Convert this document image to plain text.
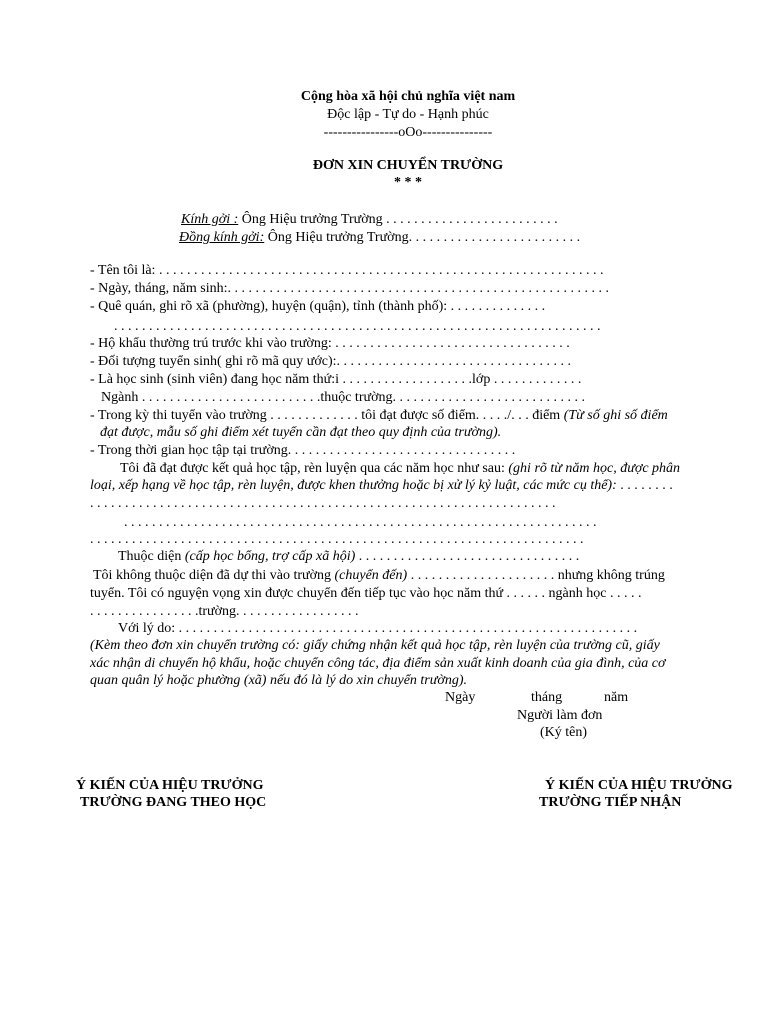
Cộng hòa xã hội chủ nghĩa việt nam
Độc lập - Tự do - Hạnh phúc
----------------oOo---------------
ĐƠN XIN CHUYỂN TRƯỜNG
* * *
Kính gởi : Ông Hiệu trưởng Trường . . . . . . . . . . . . . . . . . . . . . . . . .
Đồng kính gởi: Ông Hiệu trưởng Trường. . . . . . . . . . . . . . . . . . . . . . . . .
- Tên tôi là: . . . . . . . . . . . . . . . . . . . . . . . . . . . . . . . . . . . . . . . . . . . . . . . . . . . . . . . . . . . . . . . .
- Ngày, tháng, năm sinh:. . . . . . . . . . . . . . . . . . . . . . . . . . . . . . . . . . . . . . . . . . . . . . . . . . . . . . .
- Quê quán, ghi rõ xã (phường), huyện (quận), tỉnh (thành phố): . . . . . . . . . . . . . .
. . . . . . . . . . . . . . . . . . . . . . . . . . . . . . . . . . . . . . . . . . . . . . . . . . . . . . . . . . . . . . . . . . . . . .
- Hộ khẩu thường trú trước khi vào trường: . . . . . . . . . . . . . . . . . . . . . . . . . . . . . . . . . .
- Đối tượng tuyển sinh( ghi rõ mã quy ước):. . . . . . . . . . . . . . . . . . . . . . . . . . . . . . . . . .
- Là học sinh (sinh viên) đang học năm thứ:i . . . . . . . . . . . . . . . . . . .lớp . . . . . . . . . . . . .
Ngành . . . . . . . . . . . . . . . . . . . . . . . . . .thuộc trường. . . . . . . . . . . . . . . . . . . . . . . . . . . .
- Trong kỳ thi tuyển vào trường . . . . . . . . . . . . . tôi đạt được số điểm. . . . ./. . . điểm (Từ số ghi số điểm
đạt được, mẫu số ghi điểm xét tuyển cần đạt theo quy định của trường).
- Trong thời gian học tập tại trường. . . . . . . . . . . . . . . . . . . . . . . . . . . . . . . . .
Tôi đã đạt được kết quả học tập, rèn luyện qua các năm học như sau: (ghi rõ từ năm học, được phân
loại, xếp hạng về học tập, rèn luyện, được khen thưởng hoặc bị xử lý kỷ luật, các mức cụ thể): . . . . . . . .
. . . . . . . . . . . . . . . . . . . . . . . . . . . . . . . . . . . . . . . . . . . . . . . . . . . . . . . . . . . . . . . . . . .
. . . . . . . . . . . . . . . . . . . . . . . . . . . . . . . . . . . . . . . . . . . . . . . . . . . . . . . . . . . . . . . . . . . .
. . . . . . . . . . . . . . . . . . . . . . . . . . . . . . . . . . . . . . . . . . . . . . . . . . . . . . . . . . . . . . . . . . . . . . .
Thuộc diện (cấp học bổng, trợ cấp xã hội) . . . . . . . . . . . . . . . . . . . . . . . . . . . . . . . .
Tôi không thuộc diện đã dự thi vào trường (chuyển đến) . . . . . . . . . . . . . . . . . . . . . nhưng không trúng
tuyển. Tôi có nguyện vọng xin được chuyển đến tiếp tục vào học năm thứ . . . . . . ngành học . . . . .
. . . . . . . . . . . . . . . .trường. . . . . . . . . . . . . . . . . .
Với lý do: . . . . . . . . . . . . . . . . . . . . . . . . . . . . . . . . . . . . . . . . . . . . . . . . . . . . . . . . . . . . . . . . . .
(Kèm theo đơn xin chuyển trường có: giấy chứng nhận kết quả học tập, rèn luyện của trường cũ, giấy
xác nhận di chuyển hộ khẩu, hoặc chuyển công tác, địa điểm sản xuất kinh doanh của gia đình, của cơ
quan quân lý hoặc phường (xã) nếu đó là lý do xin chuyển trường).
Ngày	tháng	năm
Người làm đơn
(Ký tên)
Ý KIẾN CỦA HIỆU TRƯỞNG
TRƯỜNG ĐANG THEO HỌC
Ý KIẾN CỦA HIỆU TRƯỞNG
TRƯỜNG TIẾP NHẬN
